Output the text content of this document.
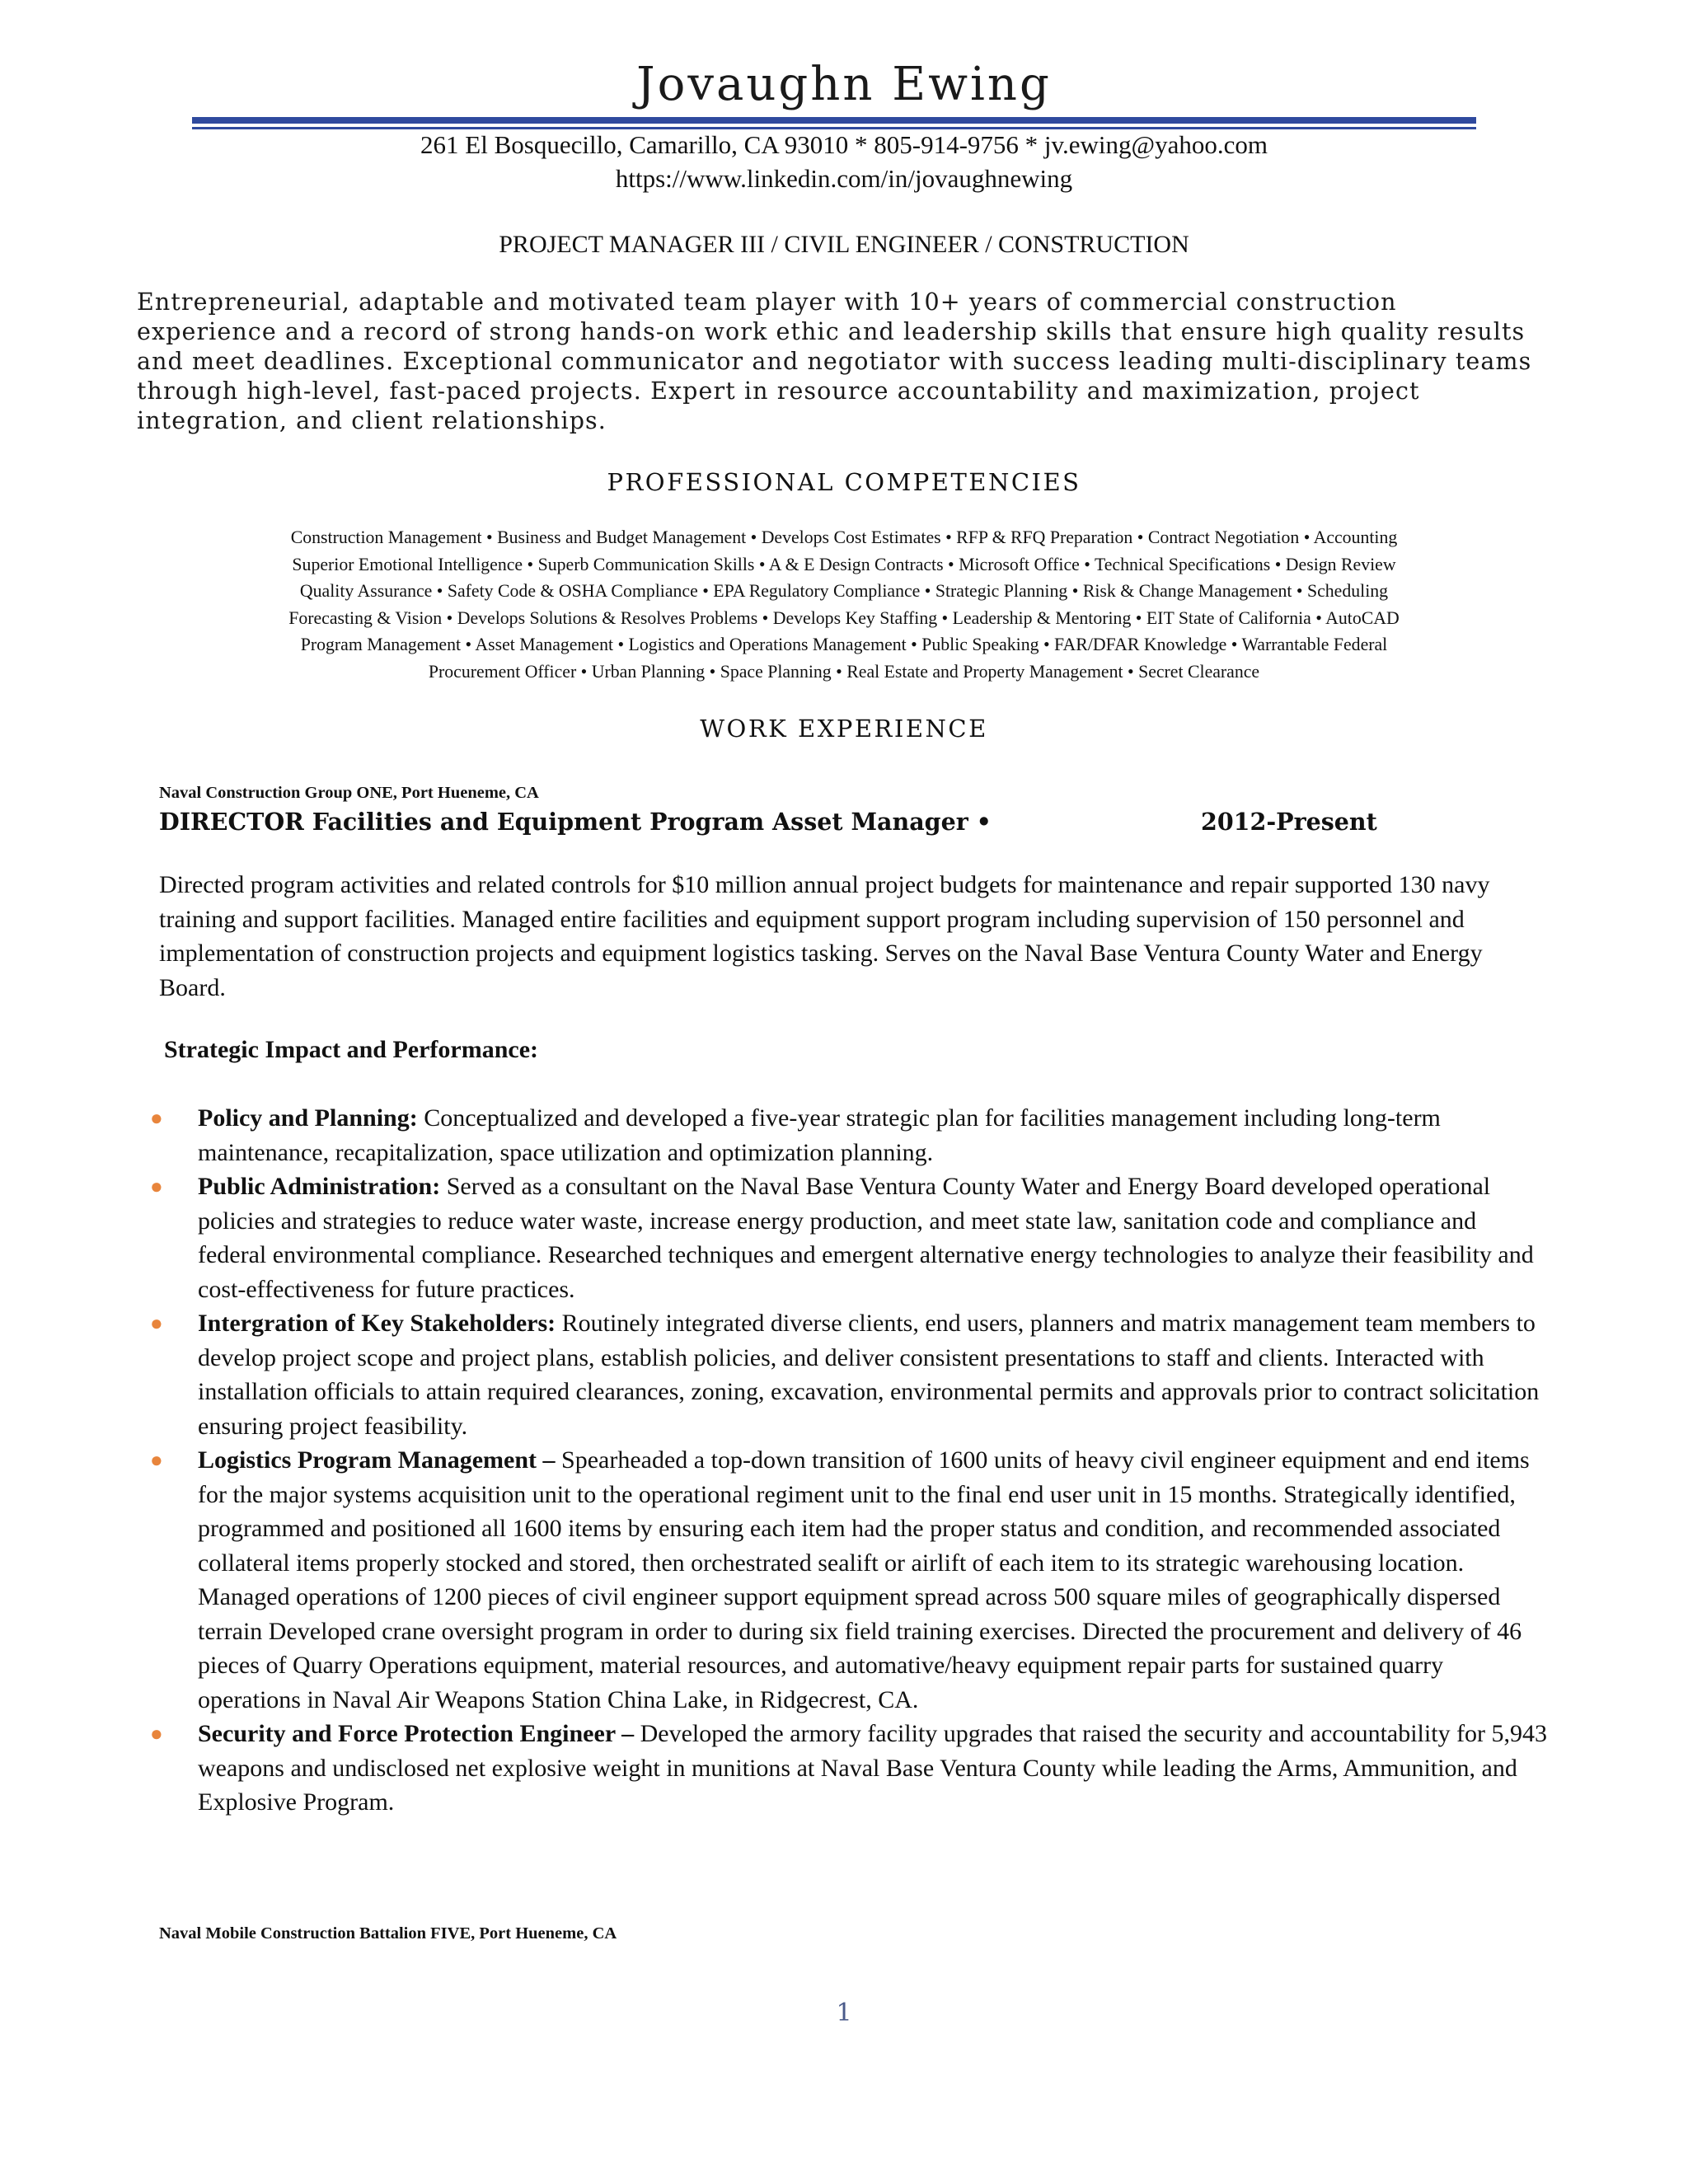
Jovaughn Ewing
261 El Bosquecillo, Camarillo, CA 93010 * 805-914-9756 * jv.ewing@yahoo.com
https://www.linkedin.com/in/jovaughnewing
PROJECT MANAGER III / CIVIL ENGINEER / CONSTRUCTION
Entrepreneurial, adaptable and motivated team player with 10+ years of commercial construction experience and a record of strong hands-on work ethic and leadership skills that ensure high quality results and meet deadlines. Exceptional communicator and negotiator with success leading multi-disciplinary teams through high-level, fast-paced projects. Expert in resource accountability and maximization, project integration, and client relationships.
PROFESSIONAL COMPETENCIES
Construction Management • Business and Budget Management • Develops Cost Estimates • RFP & RFQ Preparation • Contract Negotiation • Accounting
Superior Emotional Intelligence • Superb Communication Skills • A & E Design Contracts • Microsoft Office • Technical Specifications • Design Review
Quality Assurance • Safety Code & OSHA Compliance • EPA Regulatory Compliance • Strategic Planning • Risk & Change Management • Scheduling
Forecasting & Vision • Develops Solutions & Resolves Problems • Develops Key Staffing • Leadership & Mentoring • EIT State of California • AutoCAD
Program Management • Asset Management • Logistics and Operations Management • Public Speaking • FAR/DFAR Knowledge • Warrantable Federal
Procurement Officer • Urban Planning • Space Planning • Real Estate and Property Management • Secret Clearance
WORK EXPERIENCE
Naval Construction Group ONE, Port Hueneme, CA
DIRECTOR Facilities and Equipment Program Asset Manager •	2012-Present
Directed program activities and related controls for $10 million annual project budgets for maintenance and repair supported 130 navy training and support facilities. Managed entire facilities and equipment support program including supervision of 150 personnel and implementation of construction projects and equipment logistics tasking. Serves on the Naval Base Ventura County Water and Energy Board.
Strategic Impact and Performance:
● Policy and Planning: Conceptualized and developed a five-year strategic plan for facilities management including long-term maintenance, recapitalization, space utilization and optimization planning.
● Public Administration: Served as a consultant on the Naval Base Ventura County Water and Energy Board developed operational policies and strategies to reduce water waste, increase energy production, and meet state law, sanitation code and compliance and federal environmental compliance. Researched techniques and emergent alternative energy technologies to analyze their feasibility and cost-effectiveness for future practices.
● Intergration of Key Stakeholders: Routinely integrated diverse clients, end users, planners and matrix management team members to develop project scope and project plans, establish policies, and deliver consistent presentations to staff and clients. Interacted with installation officials to attain required clearances, zoning, excavation, environmental permits and approvals prior to contract solicitation ensuring project feasibility.
● Logistics Program Management – Spearheaded a top-down transition of 1600 units of heavy civil engineer equipment and end items for the major systems acquisition unit to the operational regiment unit to the final end user unit in 15 months. Strategically identified, programmed and positioned all 1600 items by ensuring each item had the proper status and condition, and recommended associated collateral items properly stocked and stored, then orchestrated sealift or airlift of each item to its strategic warehousing location. Managed operations of 1200 pieces of civil engineer support equipment spread across 500 square miles of geographically dispersed terrain Developed crane oversight program in order to during six field training exercises. Directed the procurement and delivery of 46 pieces of Quarry Operations equipment, material resources, and automative/heavy equipment repair parts for sustained quarry operations in Naval Air Weapons Station China Lake, in Ridgecrest, CA.
● Security and Force Protection Engineer – Developed the armory facility upgrades that raised the security and accountability for 5,943 weapons and undisclosed net explosive weight in munitions at Naval Base Ventura County while leading the Arms, Ammunition, and Explosive Program.
Naval Mobile Construction Battalion FIVE, Port Hueneme, CA
1
